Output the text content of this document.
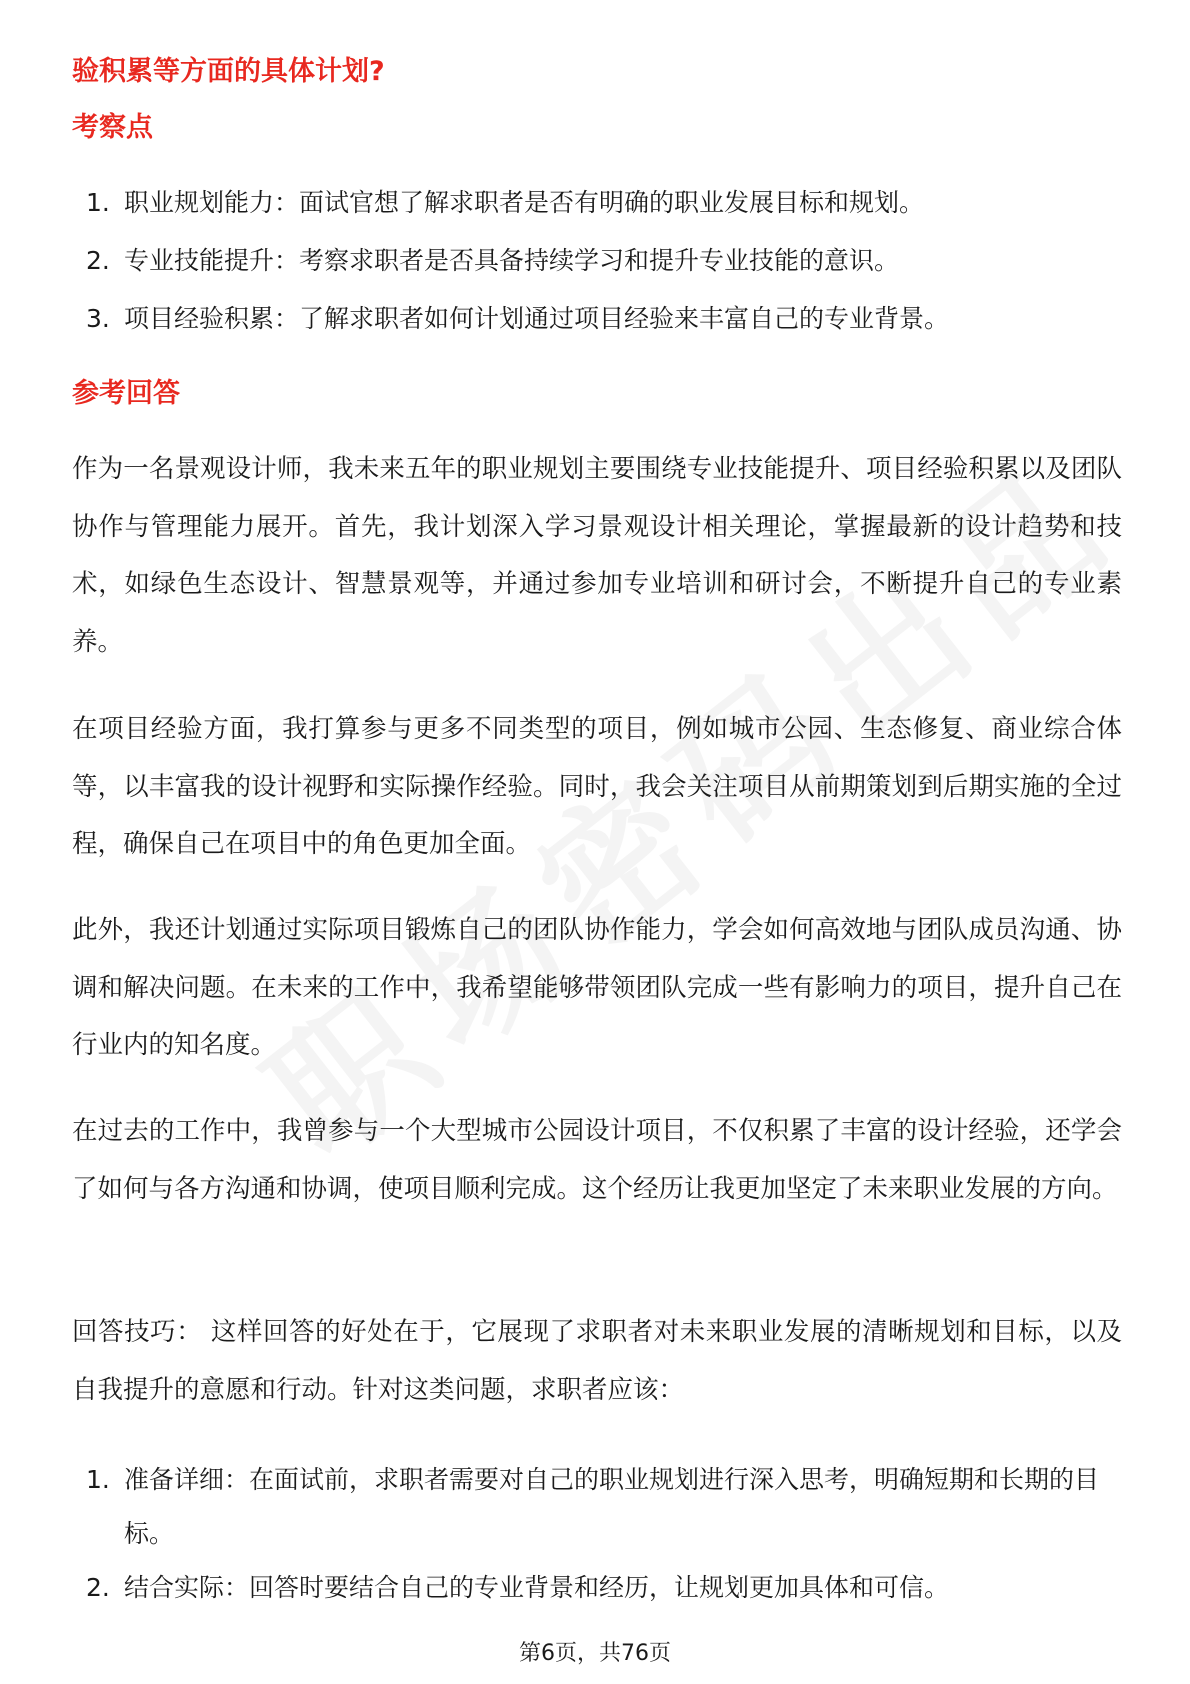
验积累等方面的具体计划?
考察点
1. 职业规划能力：面试官想了解求职者是否有明确的职业发展目标和规划。
2. 专业技能提升：考察求职者是否具备持续学习和提升专业技能的意识。
3. 项目经验积累：了解求职者如何计划通过项目经验来丰富自己的专业背景。
参考回答

作为一名景观设计师，我未来五年的职业规划主要围绕专业技能提升、项目经验积累以及团队协作与管理能力展开。首先，我计划深入学习景观设计相关理论，掌握最新的设计趋势和技术，如绿色生态设计、智慧景观等，并通过参加专业培训和研讨会，不断提升自己的专业素养。

在项目经验方面，我打算参与更多不同类型的项目，例如城市公园、生态修复、商业综合体等，以丰富我的设计视野和实际操作经验。同时，我会关注项目从前期策划到后期实施的全过程，确保自己在项目中的角色更加全面。

此外，我还计划通过实际项目锻炼自己的团队协作能力，学会如何高效地与团队成员沟通、协调和解决问题。在未来的工作中，我希望能够带领团队完成一些有影响力的项目，提升自己在行业内的知名度。

在过去的工作中，我曾参与一个大型城市公园设计项目，不仅积累了丰富的设计经验，还学会了如何与各方沟通和协调，使项目顺利完成。这个经历让我更加坚定了未来职业发展的方向。

回答技巧： 这样回答的好处在于，它展现了求职者对未来职业发展的清晰规划和目标，以及自我提升的意愿和行动。针对这类问题，求职者应该：

1. 准备详细：在面试前，求职者需要对自己的职业规划进行深入思考，明确短期和长期的目标。
2. 结合实际：回答时要结合自己的专业背景和经历，让规划更加具体和可信。
第6页，共76页
